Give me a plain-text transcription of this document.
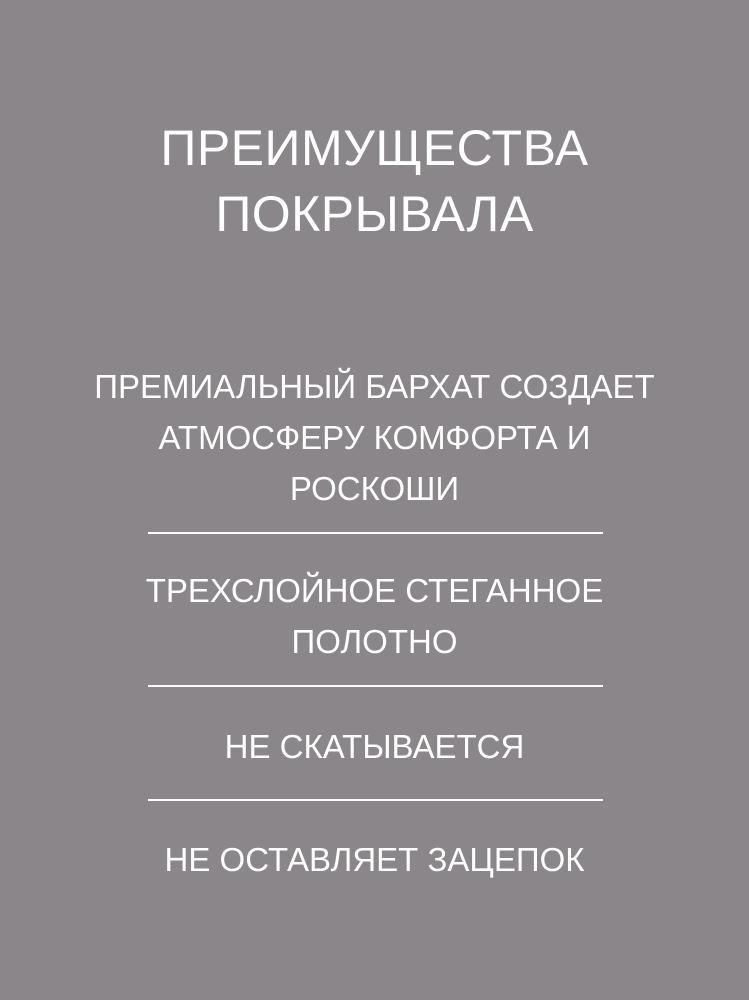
ПРЕИМУЩЕСТВА
ПОКРЫВАЛА
ПРЕМИАЛЬНЫЙ БАРХАТ СОЗДАЕТ
АТМОСФЕРУ КОМФОРТА И
РОСКОШИ
ТРЕХСЛОЙНОЕ СТЕГАННОЕ
ПОЛОТНО
НЕ СКАТЫВАЕТСЯ
НЕ ОСТАВЛЯЕТ ЗАЦЕПОК
